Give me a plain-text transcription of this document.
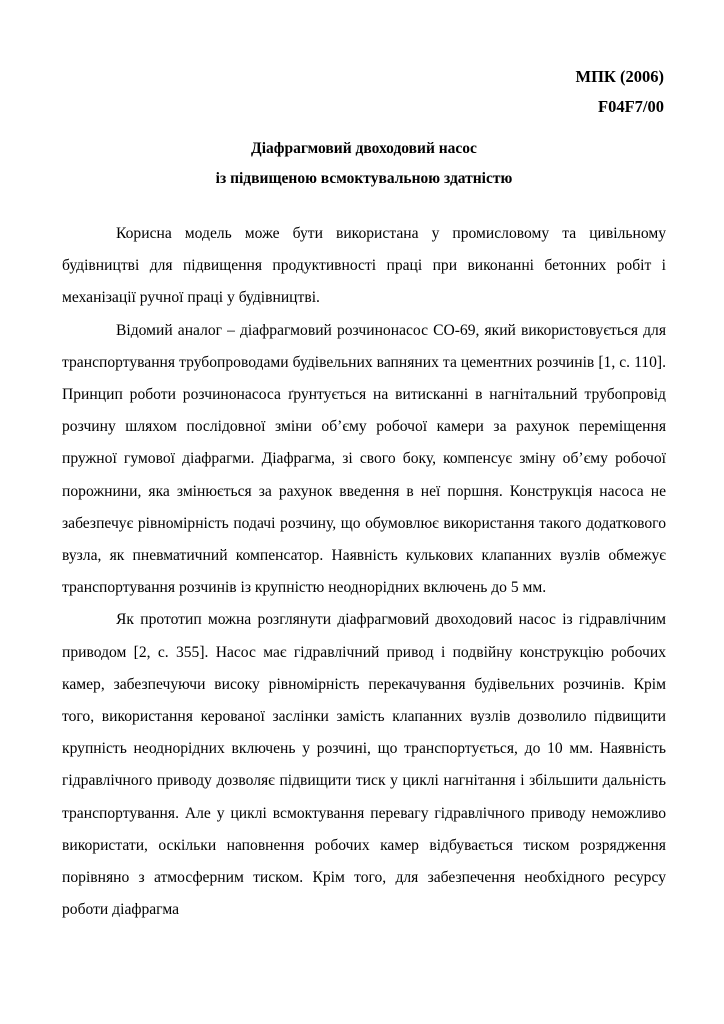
МПК (2006)
F04F7/00
Діафрагмовий двоходовий насос
із підвищеною всмоктувальною здатністю

Корисна модель може бути використана у промисловому та цивільному будівництві для підвищення продуктивності праці при виконанні бетонних робіт і механізації ручної праці у будівництві.

Відомий аналог – діафрагмовий розчинонасос СО-69, який використовується для транспортування трубопроводами будівельних вапняних та цементних розчинів [1, с. 110]. Принцип роботи розчинонасоса ґрунтується на витисканні в нагнітальний трубопровід розчину шляхом послідовної зміни об’єму робочої камери за рахунок переміщення пружної гумової діафрагми. Діафрагма, зі свого боку, компенсує зміну об’єму робочої порожнини, яка змінюється за рахунок введення в неї поршня. Конструкція насоса не забезпечує рівномірність подачі розчину, що обумовлює використання такого додаткового вузла, як пневматичний компенсатор. Наявність кулькових клапанних вузлів обмежує транспортування розчинів із крупністю неоднорідних включень до 5 мм.

Як прототип можна розглянути діафрагмовий двоходовий насос із гідравлічним приводом [2, с. 355]. Насос має гідравлічний привод і подвійну конструкцію робочих камер, забезпечуючи високу рівномірність перекачування будівельних розчинів. Крім того, використання керованої заслінки замість клапанних вузлів дозволило підвищити крупність неоднорідних включень у розчині, що транспортується, до 10 мм. Наявність гідравлічного приводу дозволяє підвищити тиск у циклі нагнітання і збільшити дальність транспортування. Але у циклі всмоктування перевагу гідравлічного приводу неможливо використати, оскільки наповнення робочих камер відбувається тиском розрядження порівняно з атмосферним тиском. Крім того, для забезпечення необхідного ресурсу роботи діафрагма
